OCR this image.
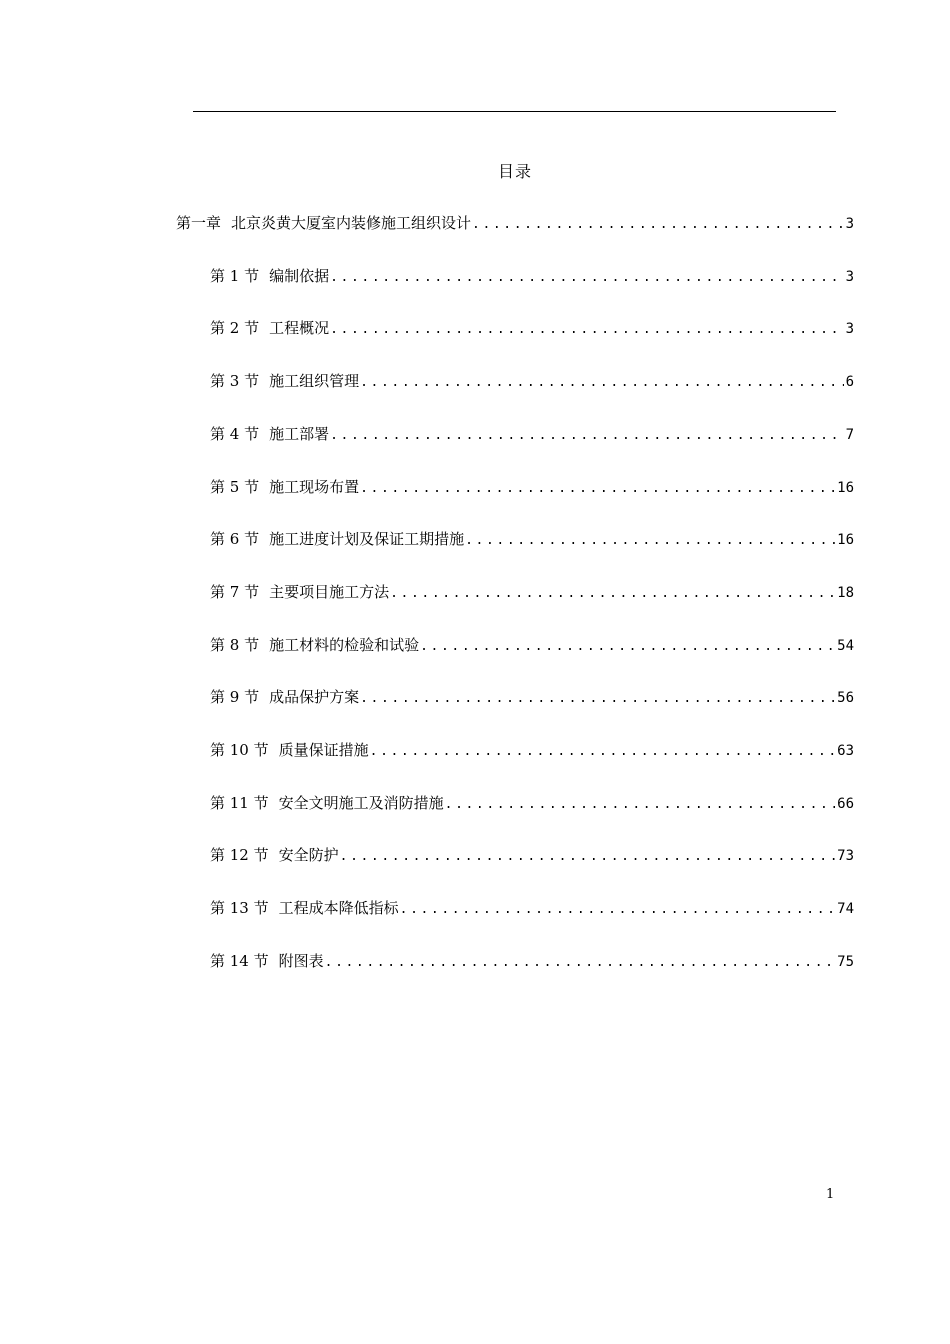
目录
第一章 北京炎黄大厦室内装修施工组织设计 .....	3
第 1 节 编制依据 .....	3
第 2 节 工程概况 .....	3
第 3 节 施工组织管理 .....	6
第 4 节 施工部署 .....	7
第 5 节 施工现场布置 .....	16
第 6 节 施工进度计划及保证工期措施 .....	16
第 7 节 主要项目施工方法 .....	18
第 8 节 施工材料的检验和试验 .....	54
第 9 节 成品保护方案 .....	56
第 10 节 质量保证措施 .....	63
第 11 节 安全文明施工及消防措施 .....	66
第 12 节 安全防护 .....	73
第 13 节 工程成本降低指标 .....	74
第 14 节 附图表 .....	75
1
